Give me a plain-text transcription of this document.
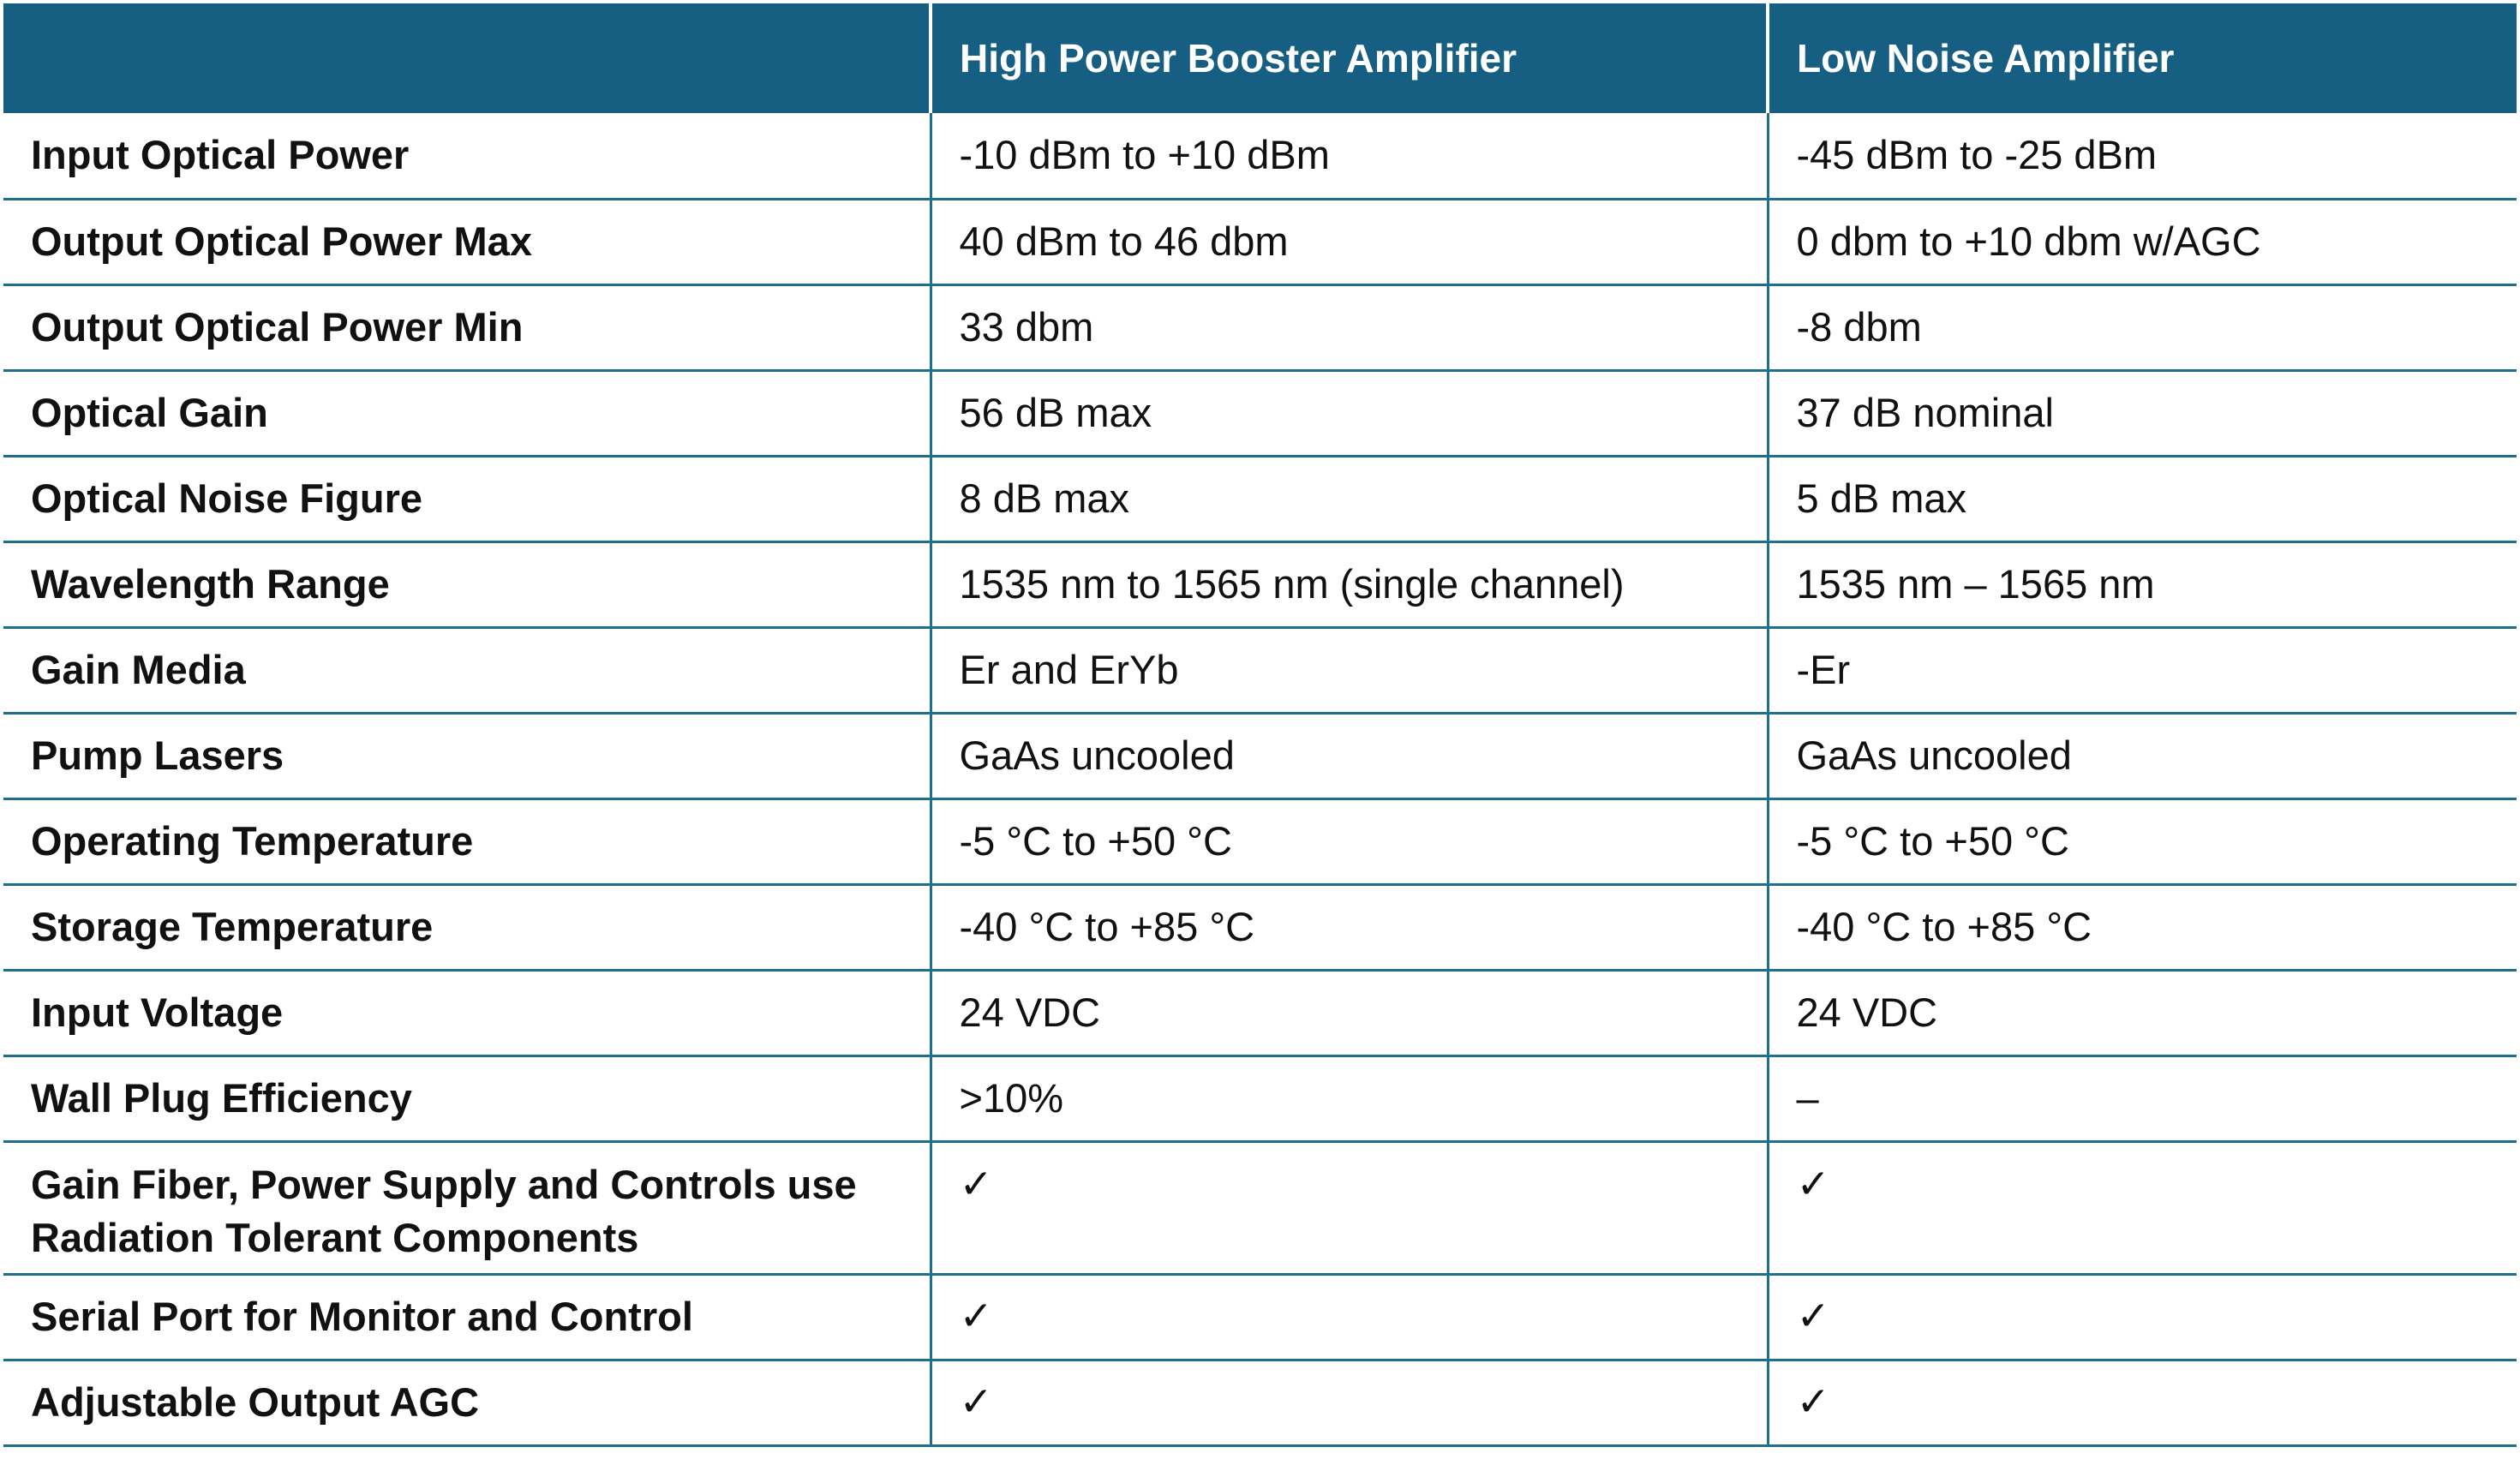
	High Power Booster Amplifier	Low Noise Amplifier
Input Optical Power	-10 dBm to +10 dBm	-45 dBm to -25 dBm
Output Optical Power Max	40 dBm to 46 dbm	0 dbm to +10 dbm w/AGC
Output Optical Power Min	33 dbm	-8 dbm
Optical Gain	56 dB max	37 dB nominal
Optical Noise Figure	8 dB max	5 dB max
Wavelength Range	1535 nm to 1565 nm (single channel)	1535 nm – 1565 nm
Gain Media	Er and ErYb	-Er
Pump Lasers	GaAs uncooled	GaAs uncooled
Operating Temperature	-5 °C to +50 °C	-5 °C to +50 °C
Storage Temperature	-40 °C to +85 °C	-40 °C to +85 °C
Input Voltage	24 VDC	24 VDC
Wall Plug Efficiency	>10%	–
Gain Fiber, Power Supply and Controls use Radiation Tolerant Components	✓	✓
Serial Port for Monitor and Control	✓	✓
Adjustable Output AGC	✓	✓
